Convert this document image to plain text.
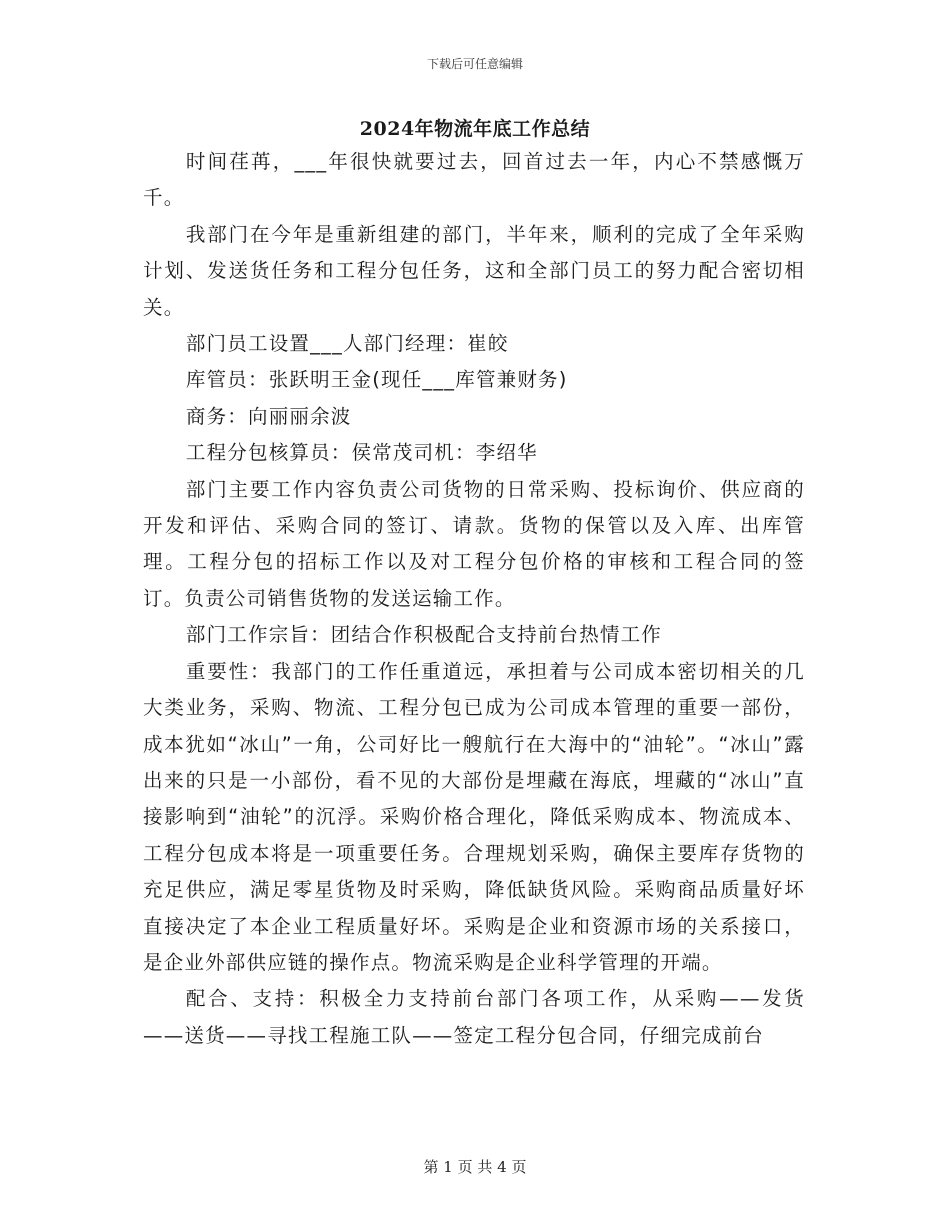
下载后可任意编辑
2024年物流年底工作总结

时间荏苒，___年很快就要过去，回首过去一年，内心不禁感慨万千。

我部门在今年是重新组建的部门，半年来，顺利的完成了全年采购计划、发送货任务和工程分包任务，这和全部门员工的努力配合密切相关。

部门员工设置___人部门经理：崔皎

库管员：张跃明王金(现任___库管兼财务)

商务：向丽丽余波

工程分包核算员：侯常茂司机：李绍华

部门主要工作内容负责公司货物的日常采购、投标询价、供应商的开发和评估、采购合同的签订、请款。货物的保管以及入库、出库管理。工程分包的招标工作以及对工程分包价格的审核和工程合同的签订。负责公司销售货物的发送运输工作。

部门工作宗旨：团结合作积极配合支持前台热情工作

重要性：我部门的工作任重道远，承担着与公司成本密切相关的几大类业务，采购、物流、工程分包已成为公司成本管理的重要一部份，成本犹如“冰山”一角，公司好比一艘航行在大海中的“油轮”。“冰山”露出来的只是一小部份，看不见的大部份是埋藏在海底，埋藏的“冰山”直接影响到“油轮”的沉浮。采购价格合理化，降低采购成本、物流成本、工程分包成本将是一项重要任务。合理规划采购，确保主要库存货物的充足供应，满足零星货物及时采购，降低缺货风险。采购商品质量好坏直接决定了本企业工程质量好坏。采购是企业和资源市场的关系接口，是企业外部供应链的操作点。物流采购是企业科学管理的开端。

配合、支持：积极全力支持前台部门各项工作，从采购——发货——送货——寻找工程施工队——签定工程分包合同，仔细完成前台

第 1 页 共 4 页
